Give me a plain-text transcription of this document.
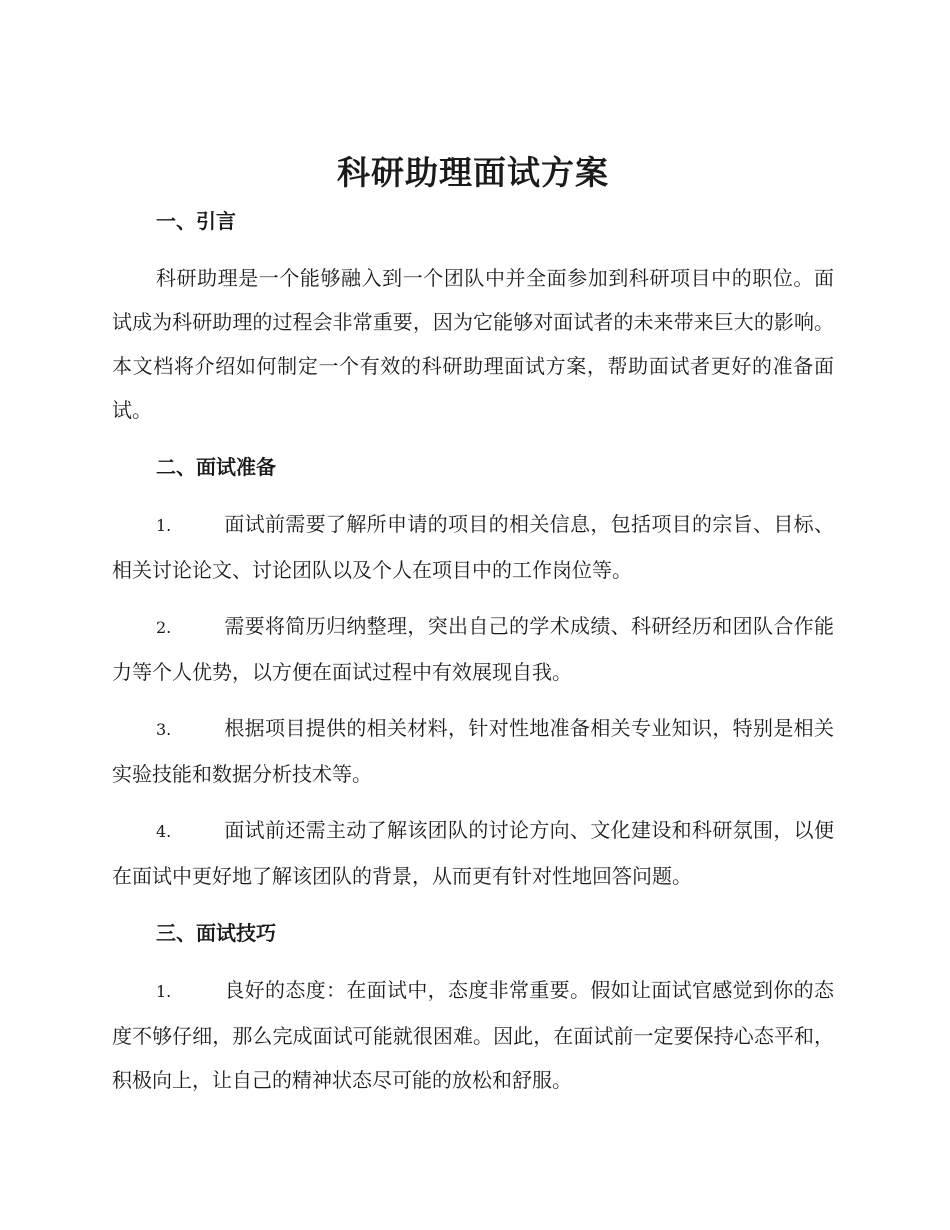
科研助理面试方案
一、引言

科研助理是一个能够融入到一个团队中并全面参加到科研项目中的职位。面试成为科研助理的过程会非常重要，因为它能够对面试者的未来带来巨大的影响。本文档将介绍如何制定一个有效的科研助理面试方案，帮助面试者更好的准备面试。

二、面试准备

1.	面试前需要了解所申请的项目的相关信息，包括项目的宗旨、目标、相关讨论论文、讨论团队以及个人在项目中的工作岗位等。

2.	需要将简历归纳整理，突出自己的学术成绩、科研经历和团队合作能力等个人优势，以方便在面试过程中有效展现自我。

3.	根据项目提供的相关材料，针对性地准备相关专业知识，特别是相关实验技能和数据分析技术等。

4.	面试前还需主动了解该团队的讨论方向、文化建设和科研氛围，以便在面试中更好地了解该团队的背景，从而更有针对性地回答问题。

三、面试技巧

1.	良好的态度：在面试中，态度非常重要。假如让面试官感觉到你的态度不够仔细，那么完成面试可能就很困难。因此，在面试前一定要保持心态平和，积极向上，让自己的精神状态尽可能的放松和舒服。
